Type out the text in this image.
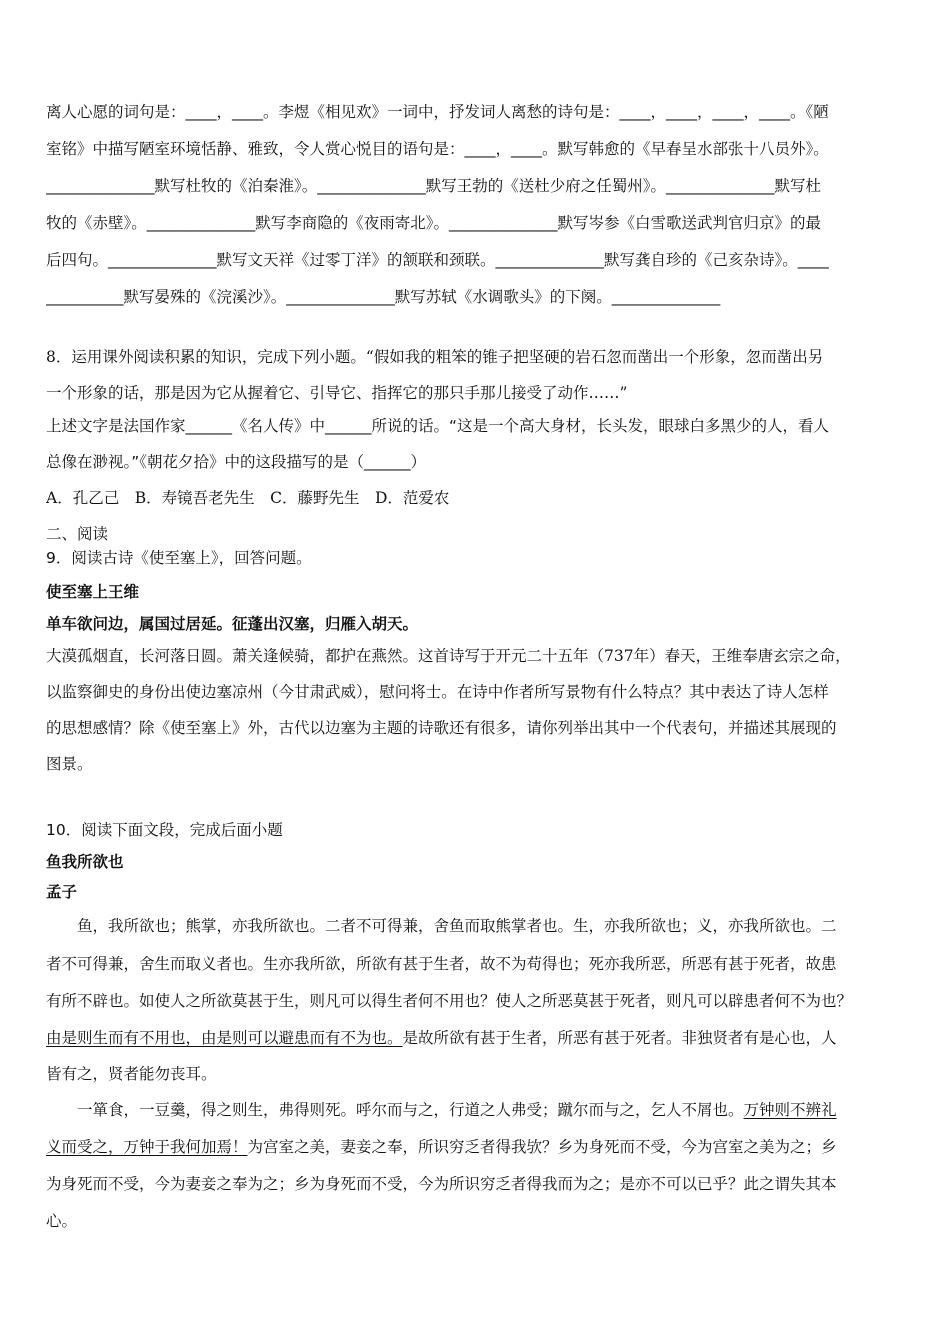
离人心愿的词句是：____，____。李煜《相见欢》一词中，抒发词人离愁的诗句是：____，____，____，____。《陋
室铭》中描写陋室环境恬静、雅致，令人赏心悦目的语句是：____，____。默写韩愈的《早春呈水部张十八员外》。
______________默写杜牧的《泊秦淮》。______________默写王勃的《送杜少府之任蜀州》。______________默写杜
牧的《赤壁》。______________默写李商隐的《夜雨寄北》。______________默写岑参《白雪歌送武判官归京》的最
后四句。______________默写文天祥《过零丁洋》的颔联和颈联。______________默写龚自珍的《己亥杂诗》。____
__________默写晏殊的《浣溪沙》。______________默写苏轼《水调歌头》的下阕。______________
8．运用课外阅读积累的知识，完成下列小题。“假如我的粗笨的锥子把坚硬的岩石忽而凿出一个形象，忽而凿出另
一个形象的话，那是因为它从握着它、引导它、指挥它的那只手那儿接受了动作……”
上述文字是法国作家______《名人传》中______所说的话。“这是一个高大身材，长头发，眼球白多黑少的人，看人
总像在渺视。”《朝花夕拾》中的这段描写的是（______）
A．孔乙己　B．寿镜吾老先生　C．藤野先生　D．范爱农
二、阅读
9．阅读古诗《使至塞上》，回答问题。
使至塞上王维
单车欲问边，属国过居延。征蓬出汉塞，归雁入胡天。
大漠孤烟直，长河落日圆。萧关逢候骑，都护在燕然。这首诗写于开元二十五年（737年）春天，王维奉唐玄宗之命，
以监察御史的身份出使边塞凉州（今甘肃武威），慰问将士。在诗中作者所写景物有什么特点？其中表达了诗人怎样
的思想感情？除《使至塞上》外，古代以边塞为主题的诗歌还有很多，请你列举出其中一个代表句，并描述其展现的
图景。
10．阅读下面文段，完成后面小题
鱼我所欲也
孟子
　　鱼，我所欲也；熊掌，亦我所欲也。二者不可得兼，舍鱼而取熊掌者也。生，亦我所欲也；义，亦我所欲也。二
者不可得兼，舍生而取义者也。生亦我所欲，所欲有甚于生者，故不为苟得也；死亦我所恶，所恶有甚于死者，故患
有所不辟也。如使人之所欲莫甚于生，则凡可以得生者何不用也？使人之所恶莫甚于死者，则凡可以辟患者何不为也？
由是则生而有不用也，由是则可以避患而有不为也。是故所欲有甚于生者，所恶有甚于死者。非独贤者有是心也，人
皆有之，贤者能勿丧耳。
　　一箪食，一豆羹，得之则生，弗得则死。呼尔而与之，行道之人弗受；蹴尔而与之，乞人不屑也。万钟则不辨礼
义而受之，万钟于我何加焉！为宫室之美，妻妾之奉，所识穷乏者得我欤？乡为身死而不受，今为宫室之美为之；乡
为身死而不受，今为妻妾之奉为之；乡为身死而不受，今为所识穷乏者得我而为之；是亦不可以已乎？此之谓失其本
心。
